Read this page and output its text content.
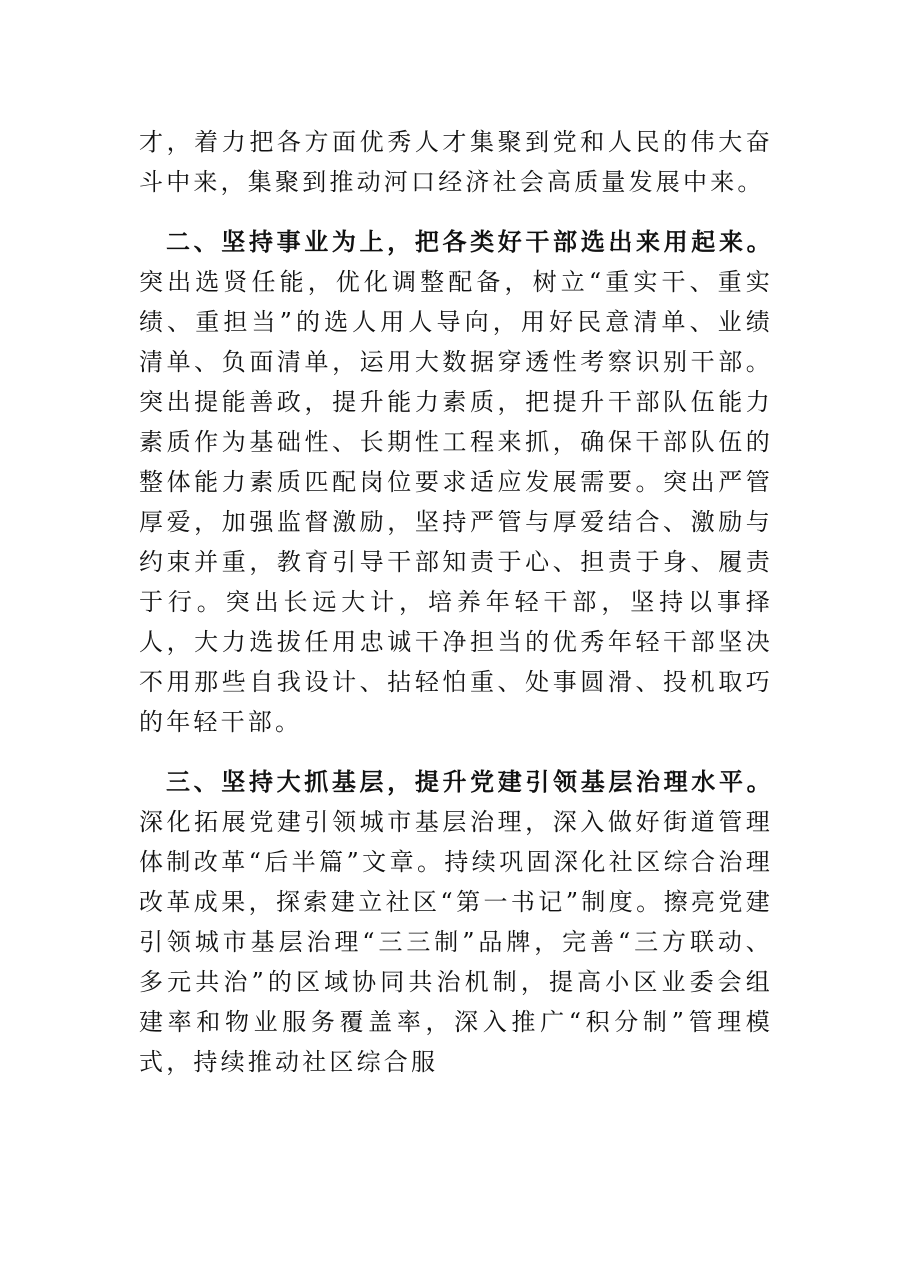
才，着力把各方面优秀人才集聚到党和人民的伟大奋斗中来，集聚到推动河口经济社会高质量发展中来。

二、坚持事业为上，把各类好干部选出来用起来。突出选贤任能，优化调整配备，树立“重实干、重实绩、重担当”的选人用人导向，用好民意清单、业绩清单、负面清单，运用大数据穿透性考察识别干部。突出提能善政，提升能力素质，把提升干部队伍能力素质作为基础性、长期性工程来抓，确保干部队伍的整体能力素质匹配岗位要求适应发展需要。突出严管厚爱，加强监督激励，坚持严管与厚爱结合、激励与约束并重，教育引导干部知责于心、担责于身、履责于行。突出长远大计，培养年轻干部，坚持以事择人，大力选拔任用忠诚干净担当的优秀年轻干部坚决不用那些自我设计、拈轻怕重、处事圆滑、投机取巧的年轻干部。

三、坚持大抓基层，提升党建引领基层治理水平。深化拓展党建引领城市基层治理，深入做好街道管理体制改革“后半篇”文章。持续巩固深化社区综合治理改革成果，探索建立社区“第一书记”制度。擦亮党建引领城市基层治理“三三制”品牌，完善“三方联动、多元共治”的区域协同共治机制，提高小区业委会组建率和物业服务覆盖率，深入推广“积分制”管理模式，持续推动社区综合服
